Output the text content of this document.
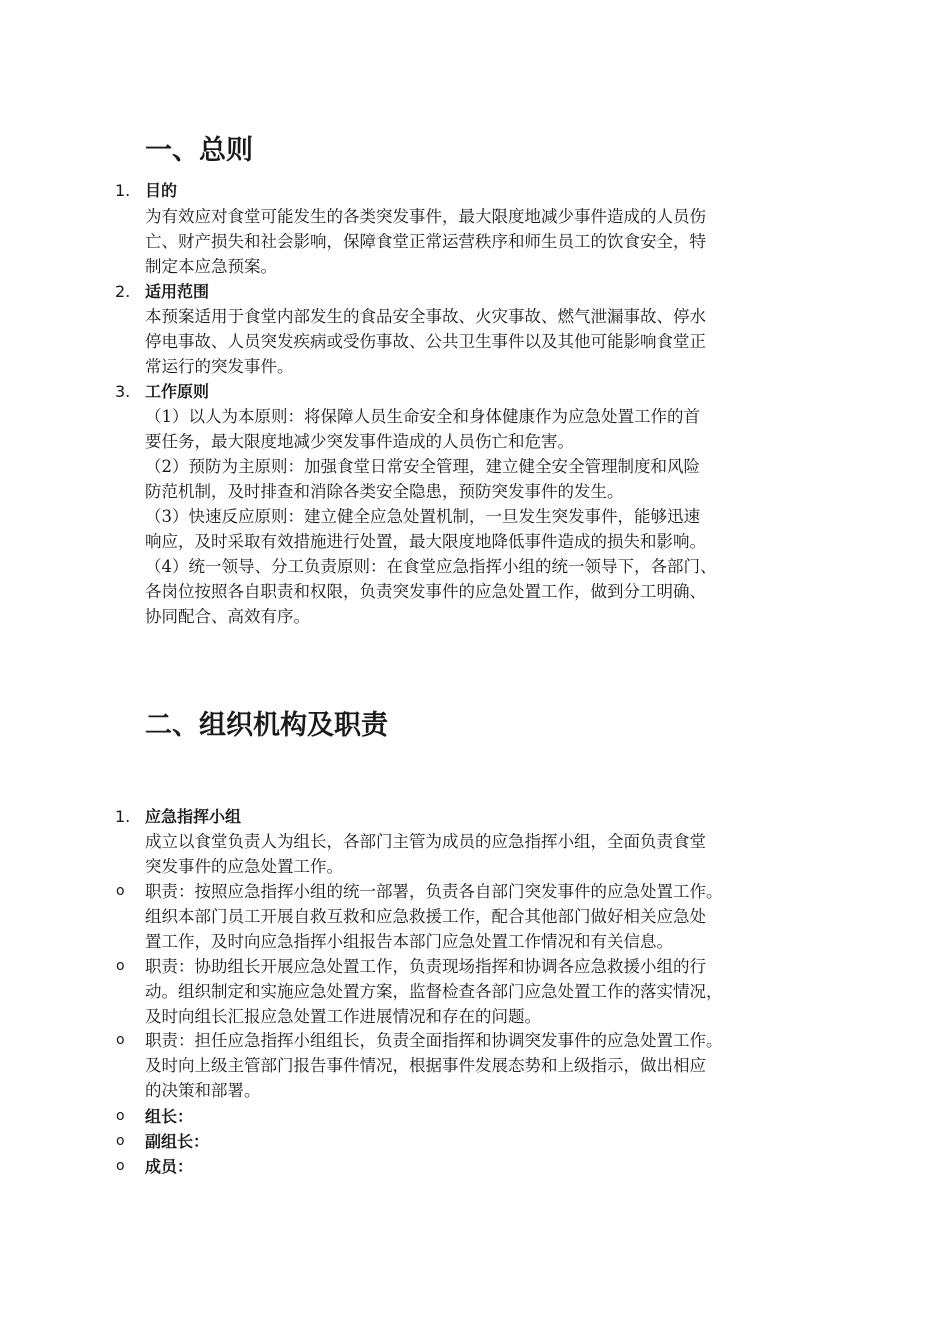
一、总则
1. 目的

为有效应对食堂可能发生的各类突发事件，最大限度地减少事件造成的人员伤
亡、财产损失和社会影响，保障食堂正常运营秩序和师生员工的饮食安全，特
制定本应急预案。

2. 适用范围

本预案适用于食堂内部发生的食品安全事故、火灾事故、燃气泄漏事故、停水
停电事故、人员突发疾病或受伤事故、公共卫生事件以及其他可能影响食堂正
常运行的突发事件。

3. 工作原则

（1）以人为本原则：将保障人员生命安全和身体健康作为应急处置工作的首
要任务，最大限度地减少突发事件造成的人员伤亡和危害。
（2）预防为主原则：加强食堂日常安全管理，建立健全安全管理制度和风险
防范机制，及时排查和消除各类安全隐患，预防突发事件的发生。
（3）快速反应原则：建立健全应急处置机制，一旦发生突发事件，能够迅速
响应，及时采取有效措施进行处置，最大限度地降低事件造成的损失和影响。
（4）统一领导、分工负责原则：在食堂应急指挥小组的统一领导下，各部门、
各岗位按照各自职责和权限，负责突发事件的应急处置工作，做到分工明确、
协同配合、高效有序。

二、组织机构及职责
1. 应急指挥小组

成立以食堂负责人为组长，各部门主管为成员的应急指挥小组，全面负责食堂
突发事件的应急处置工作。

o 职责：按照应急指挥小组的统一部署，负责各自部门突发事件的应急处置工作。
组织本部门员工开展自救互救和应急救援工作，配合其他部门做好相关应急处
置工作，及时向应急指挥小组报告本部门应急处置工作情况和有关信息。

o 职责：协助组长开展应急处置工作，负责现场指挥和协调各应急救援小组的行
动。组织制定和实施应急处置方案，监督检查各部门应急处置工作的落实情况，
及时向组长汇报应急处置工作进展情况和存在的问题。

o 职责：担任应急指挥小组组长，负责全面指挥和协调突发事件的应急处置工作。
及时向上级主管部门报告事件情况，根据事件发展态势和上级指示，做出相应
的决策和部署。

o 组长：
o 副组长：
o 成员：
